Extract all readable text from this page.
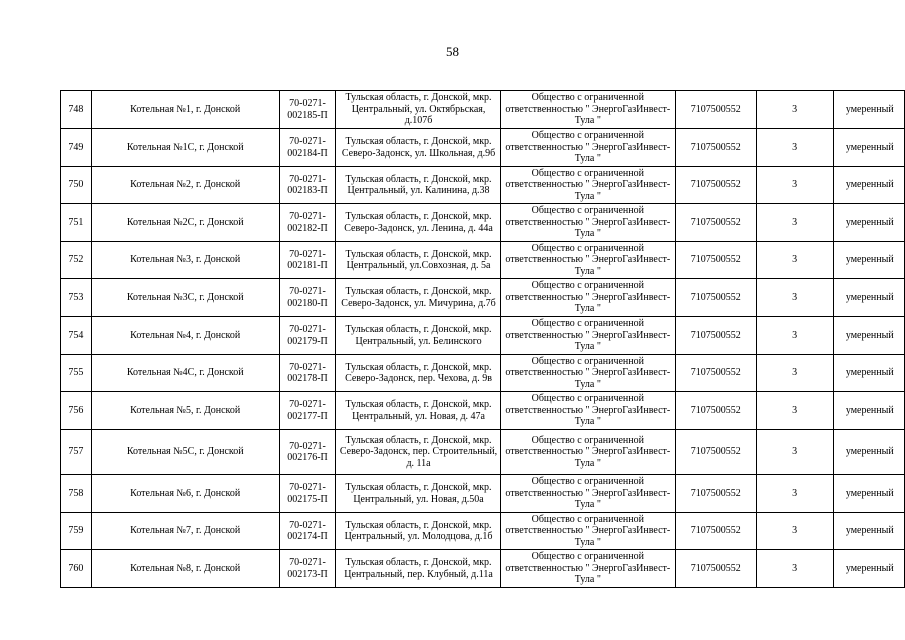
58
748	Котельная №1, г. Донской	70-0271-002185-П	Тульская область, г. Донской, мкр. Центральный, ул. Октябрьская, д.107б	Общество с ограниченной ответственностью " ЭнергоГазИнвест-Тула "	7107500552	3	умеренный
749	Котельная №1С, г. Донской	70-0271-002184-П	Тульская область, г. Донской, мкр. Северо-Задонск, ул. Школьная, д.9б	Общество с ограниченной ответственностью " ЭнергоГазИнвест-Тула "	7107500552	3	умеренный
750	Котельная №2, г. Донской	70-0271-002183-П	Тульская область, г. Донской, мкр. Центральный, ул. Калинина, д.38	Общество с ограниченной ответственностью " ЭнергоГазИнвест-Тула "	7107500552	3	умеренный
751	Котельная №2С, г. Донской	70-0271-002182-П	Тульская область, г. Донской, мкр. Северо-Задонск, ул. Ленина, д. 44а	Общество с ограниченной ответственностью " ЭнергоГазИнвест-Тула "	7107500552	3	умеренный
752	Котельная №3, г. Донской	70-0271-002181-П	Тульская область, г. Донской, мкр. Центральный, ул.Совхозная, д. 5а	Общество с ограниченной ответственностью " ЭнергоГазИнвест-Тула "	7107500552	3	умеренный
753	Котельная №3С, г. Донской	70-0271-002180-П	Тульская область, г. Донской, мкр. Северо-Задонск, ул. Мичурина, д.7б	Общество с ограниченной ответственностью " ЭнергоГазИнвест-Тула "	7107500552	3	умеренный
754	Котельная №4, г. Донской	70-0271-002179-П	Тульская область, г. Донской, мкр. Центральный, ул. Белинского	Общество с ограниченной ответственностью " ЭнергоГазИнвест-Тула "	7107500552	3	умеренный
755	Котельная №4С, г. Донской	70-0271-002178-П	Тульская область, г. Донской, мкр. Северо-Задонск, пер. Чехова, д. 9в	Общество с ограниченной ответственностью " ЭнергоГазИнвест-Тула "	7107500552	3	умеренный
756	Котельная №5, г. Донской	70-0271-002177-П	Тульская область, г. Донской, мкр. Центральный, ул. Новая, д. 47а	Общество с ограниченной ответственностью " ЭнергоГазИнвест-Тула "	7107500552	3	умеренный
757	Котельная №5С, г. Донской	70-0271-002176-П	Тульская область, г. Донской, мкр. Северо-Задонск, пер. Строительный, д. 11а	Общество с ограниченной ответственностью " ЭнергоГазИнвест-Тула "	7107500552	3	умеренный
758	Котельная №6, г. Донской	70-0271-002175-П	Тульская область, г. Донской, мкр. Центральный, ул. Новая, д.50а	Общество с ограниченной ответственностью " ЭнергоГазИнвест-Тула "	7107500552	3	умеренный
759	Котельная №7, г. Донской	70-0271-002174-П	Тульская область, г. Донской, мкр. Центральный, ул. Молодцова, д.1б	Общество с ограниченной ответственностью " ЭнергоГазИнвест-Тула "	7107500552	3	умеренный
760	Котельная №8, г. Донской	70-0271-002173-П	Тульская область, г. Донской, мкр. Центральный, пер. Клубный, д.11а	Общество с ограниченной ответственностью " ЭнергоГазИнвест-Тула "	7107500552	3	умеренный
